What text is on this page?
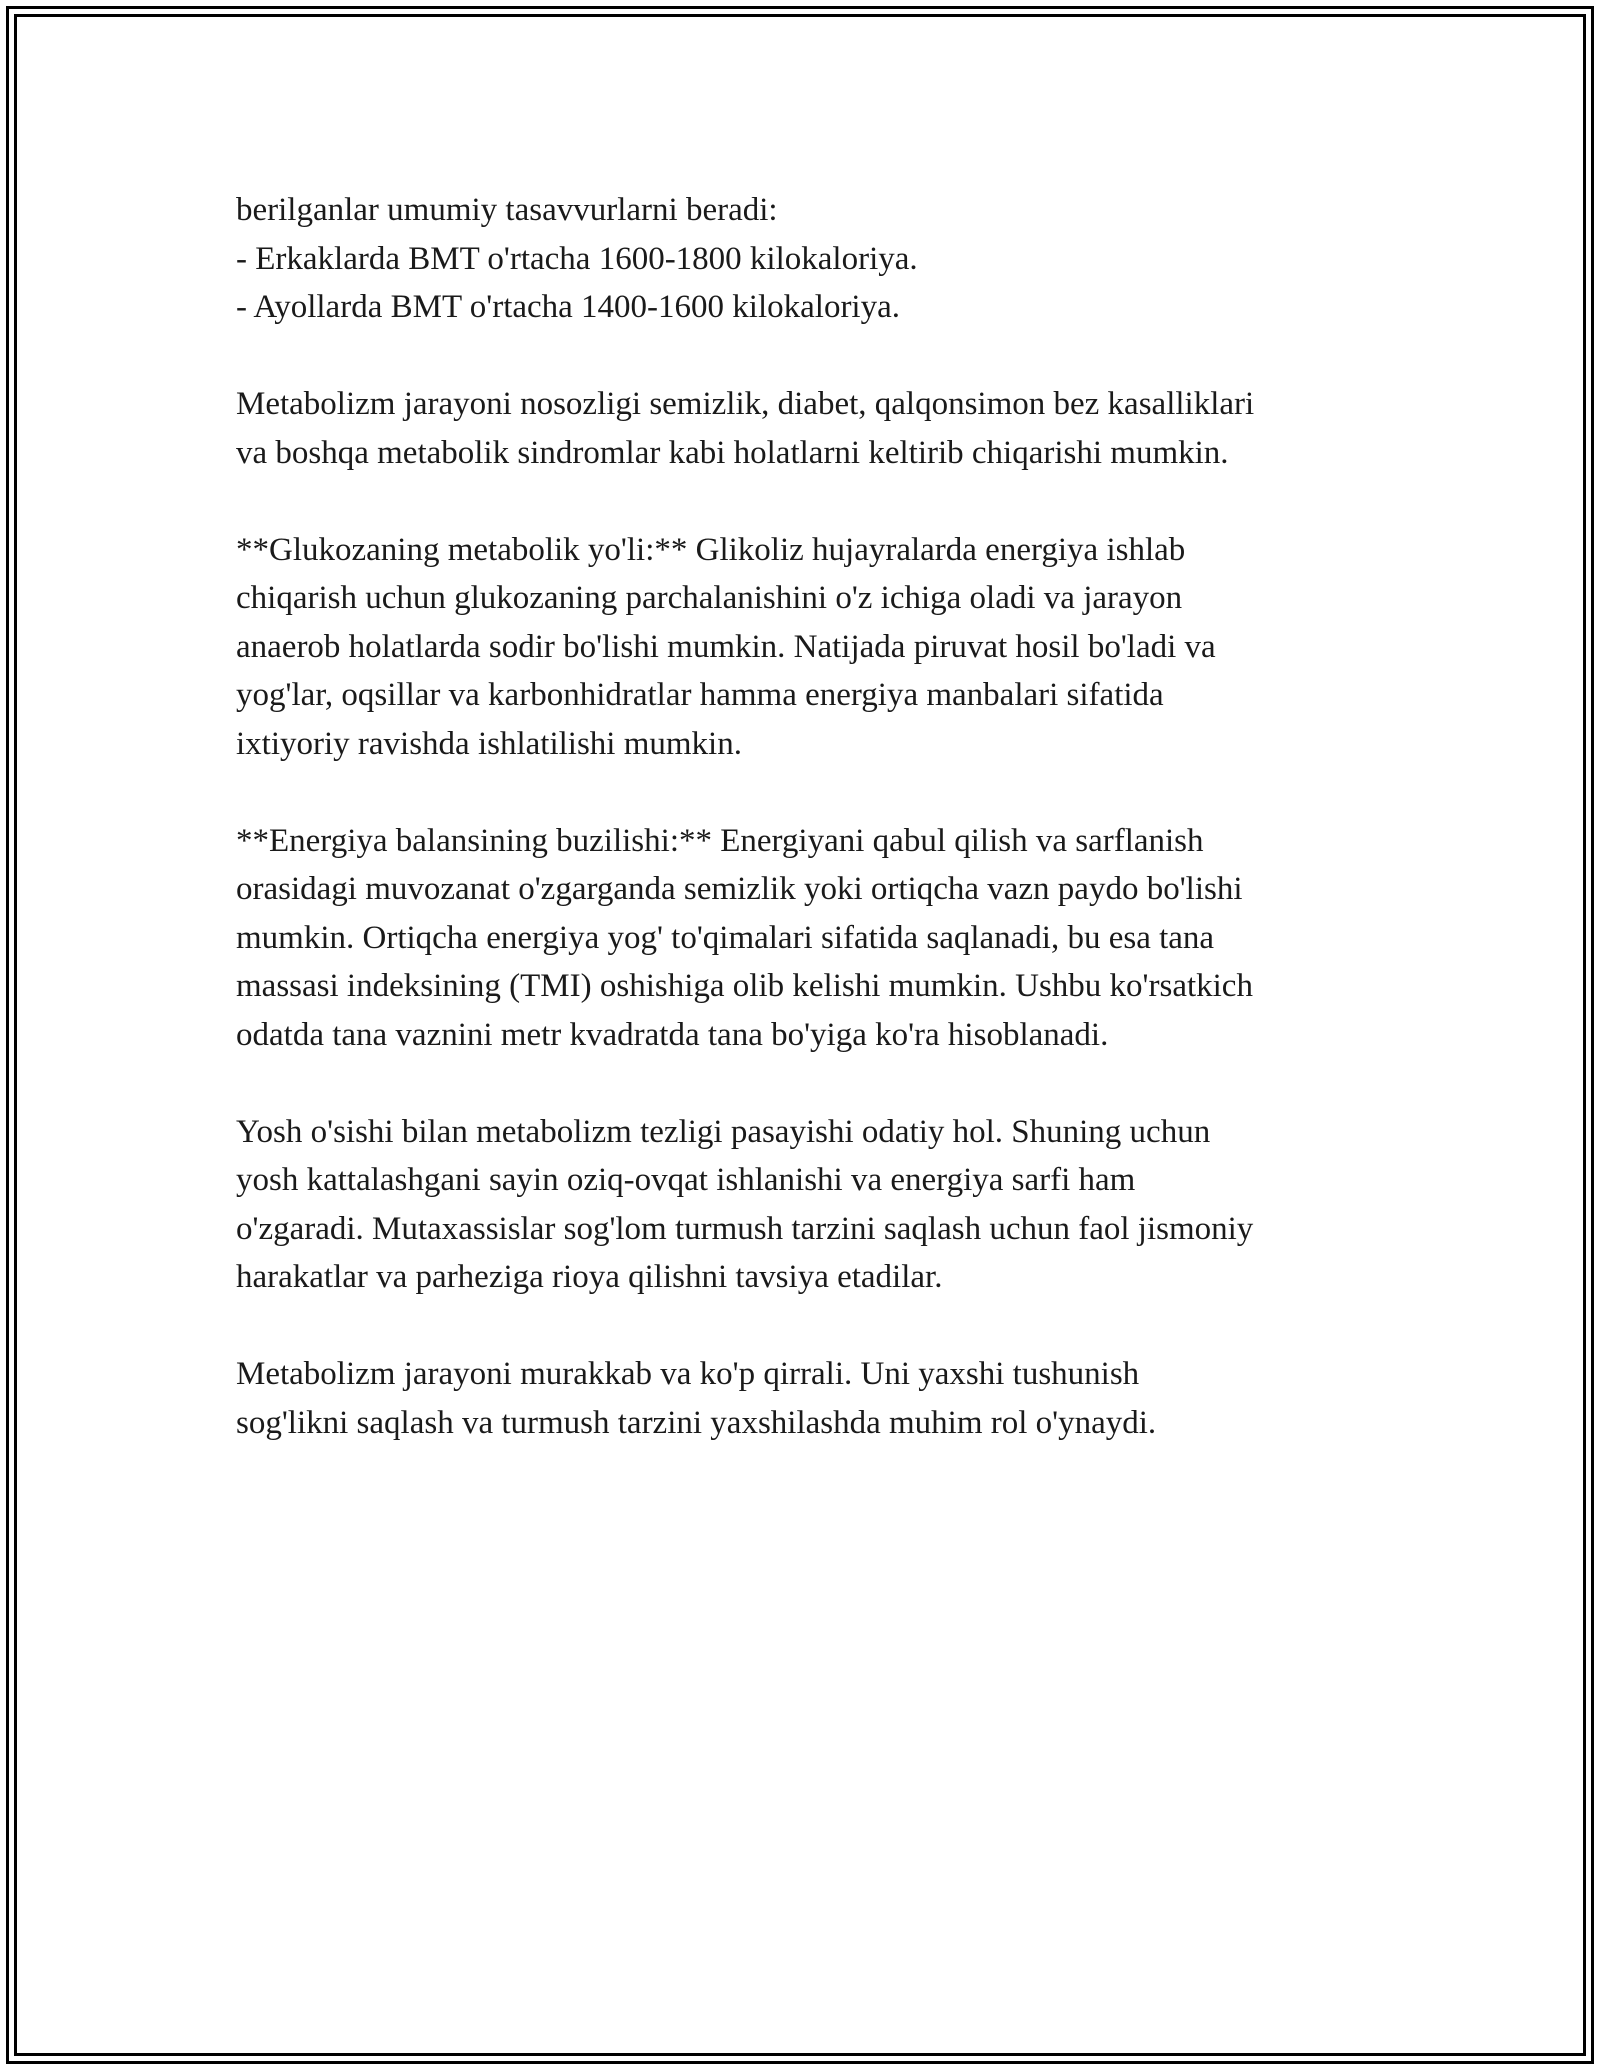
berilganlar umumiy tasavvurlarni beradi:
- Erkaklarda BMT o'rtacha 1600-1800 kilokaloriya.
- Ayollarda BMT o'rtacha 1400-1600 kilokaloriya.
Metabolizm jarayoni nosozligi semizlik, diabet, qalqonsimon bez kasalliklari
va boshqa metabolik sindromlar kabi holatlarni keltirib chiqarishi mumkin.
**Glukozaning metabolik yo'li:** Glikoliz hujayralarda energiya ishlab
chiqarish uchun glukozaning parchalanishini o'z ichiga oladi va jarayon
anaerob holatlarda sodir bo'lishi mumkin. Natijada piruvat hosil bo'ladi va
yog'lar, oqsillar va karbonhidratlar hamma energiya manbalari sifatida
ixtiyoriy ravishda ishlatilishi mumkin.
**Energiya balansining buzilishi:** Energiyani qabul qilish va sarflanish
orasidagi muvozanat o'zgarganda semizlik yoki ortiqcha vazn paydo bo'lishi
mumkin. Ortiqcha energiya yog' to'qimalari sifatida saqlanadi, bu esa tana
massasi indeksining (TMI) oshishiga olib kelishi mumkin. Ushbu ko'rsatkich
odatda tana vaznini metr kvadratda tana bo'yiga ko'ra hisoblanadi.
Yosh o'sishi bilan metabolizm tezligi pasayishi odatiy hol. Shuning uchun
yosh kattalashgani sayin oziq-ovqat ishlanishi va energiya sarfi ham
o'zgaradi. Mutaxassislar sog'lom turmush tarzini saqlash uchun faol jismoniy
harakatlar va parheziga rioya qilishni tavsiya etadilar.
Metabolizm jarayoni murakkab va ko'p qirrali. Uni yaxshi tushunish
sog'likni saqlash va turmush tarzini yaxshilashda muhim rol o'ynaydi.
